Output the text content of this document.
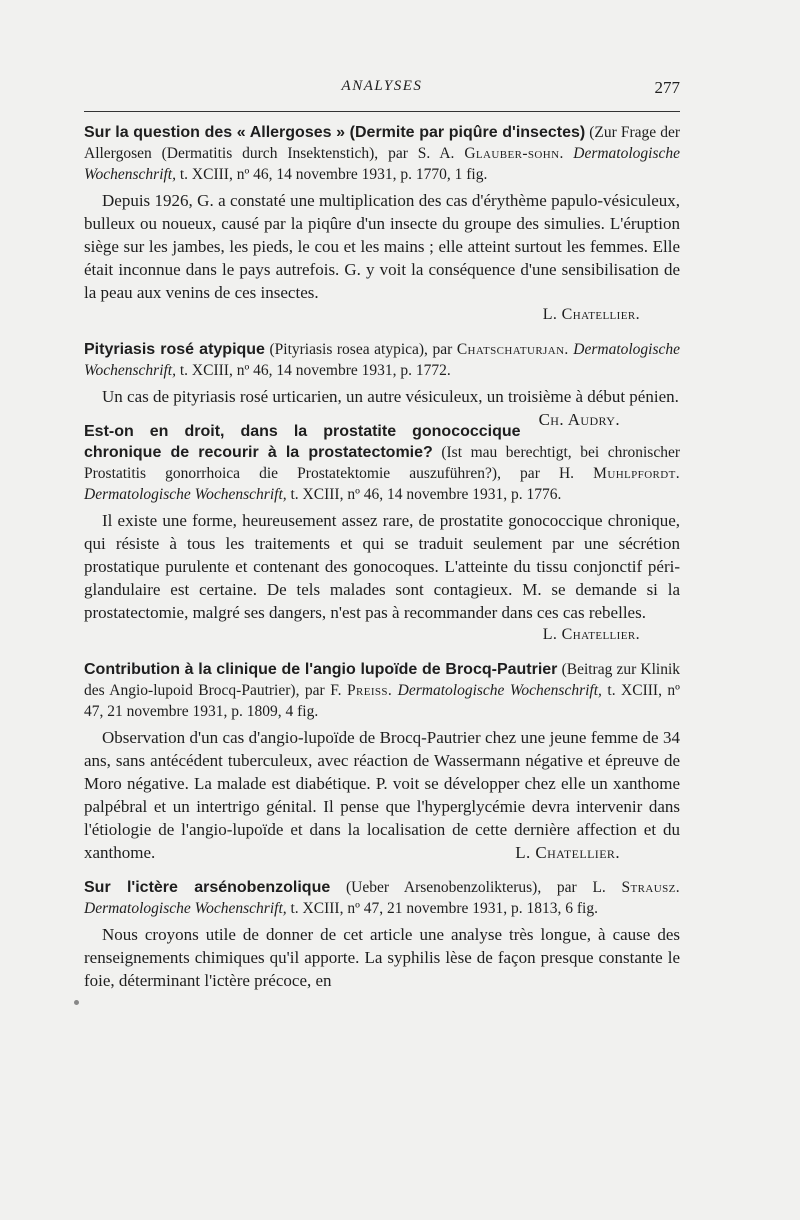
ANALYSES	277

Sur la question des « Allergoses » (Dermite par piqûre d'insectes) (Zur Frage der Allergosen (Dermatitis durch Insektenstich), par S. A. Glauber-sohn. Dermatologische Wochenschrift, t. XCIII, nº 46, 14 novembre 1931, p. 1770, 1 fig.

Depuis 1926, G. a constaté une multiplication des cas d'érythème papulo-vésiculeux, bulleux ou noueux, causé par la piqûre d'un insecte du groupe des simulies. L'éruption siège sur les jambes, les pieds, le cou et les mains ; elle atteint surtout les femmes. Elle était inconnue dans le pays autrefois. G. y voit la conséquence d'une sensibilisation de la peau aux venins de ces insectes.

L. Chatellier.

Pityriasis rosé atypique (Pityriasis rosea atypica), par Chatschaturjan. Dermatologische Wochenschrift, t. XCIII, nº 46, 14 novembre 1931, p. 1772.

Un cas de pityriasis rosé urticarien, un autre vésiculeux, un troisième à début pénien.
Ch. Audry.

Est-on en droit, dans la prostatite gonococcique chronique de recourir à la prostatectomie? (Ist mau berechtigt, bei chronischer Prostatitis gonorrhoica die Prostatektomie auszuführen?), par H. Muhlpfordt. Dermatologische Wochenschrift, t. XCIII, nº 46, 14 novembre 1931, p. 1776.

Il existe une forme, heureusement assez rare, de prostatite gonococcique chronique, qui résiste à tous les traitements et qui se traduit seulement par une sécrétion prostatique purulente et contenant des gonocoques. L'atteinte du tissu conjonctif péri-glandulaire est certaine. De tels malades sont contagieux. M. se demande si la prostatectomie, malgré ses dangers, n'est pas à recommander dans ces cas rebelles.

L. Chatellier.

Contribution à la clinique de l'angio lupoïde de Brocq-Pautrier (Beitrag zur Klinik des Angio-lupoid Brocq-Pautrier), par F. Preiss. Dermatologische Wochenschrift, t. XCIII, nº 47, 21 novembre 1931, p. 1809, 4 fig.

Observation d'un cas d'angio-lupoïde de Brocq-Pautrier chez une jeune femme de 34 ans, sans antécédent tuberculeux, avec réaction de Wassermann négative et épreuve de Moro négative. La malade est diabétique. P. voit se développer chez elle un xanthome palpébral et un intertrigo génital. Il pense que l'hyperglycémie devra intervenir dans l'étiologie de l'angio-lupoïde et dans la localisation de cette dernière affection et du xanthome.	L. Chatellier.

Sur l'ictère arsénobenzolique (Ueber Arsenobenzolikterus), par L. Strausz. Dermatologische Wochenschrift, t. XCIII, nº 47, 21 novembre 1931, p. 1813, 6 fig.

Nous croyons utile de donner de cet article une analyse très longue, à cause des renseignements chimiques qu'il apporte. La syphilis lèse de façon presque constante le foie, déterminant l'ictère précoce, en
